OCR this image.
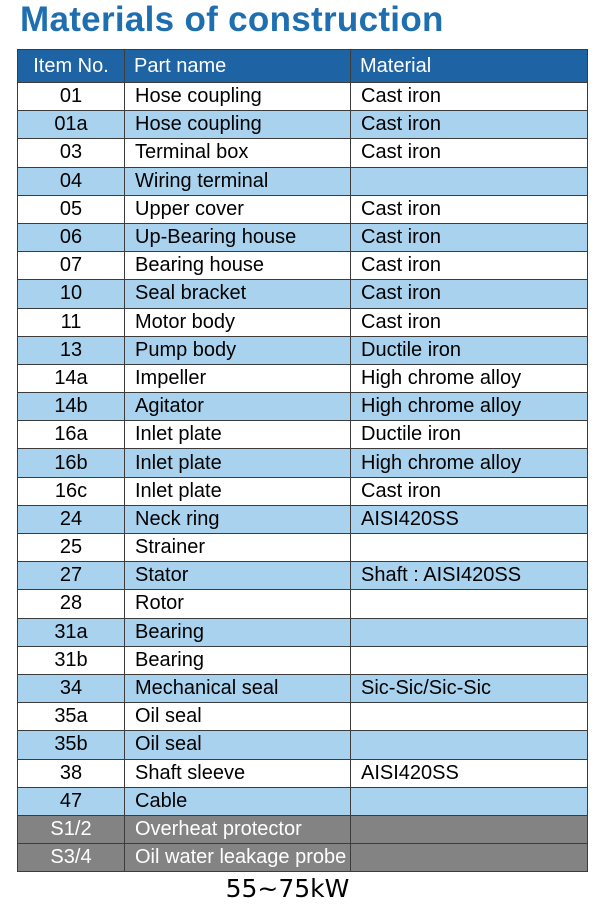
Materials of construction
Item No.	Part name	Material
01	Hose coupling	Cast iron
01a	Hose coupling	Cast iron
03	Terminal box	Cast iron
04	Wiring terminal	
05	Upper cover	Cast iron
06	Up-Bearing house	Cast iron
07	Bearing house	Cast iron
10	Seal bracket	Cast iron
11	Motor body	Cast iron
13	Pump body	Ductile iron
14a	Impeller	High chrome alloy
14b	Agitator	High chrome alloy
16a	Inlet plate	Ductile iron
16b	Inlet plate	High chrome alloy
16c	Inlet plate	Cast iron
24	Neck ring	AISI420SS
25	Strainer	
27	Stator	Shaft : AISI420SS
28	Rotor	
31a	Bearing	
31b	Bearing	
34	Mechanical seal	Sic-Sic/Sic-Sic
35a	Oil seal	
35b	Oil seal	
38	Shaft sleeve	AISI420SS
47	Cable	
S1/2	Overheat protector	
S3/4	Oil water leakage probe	
55~75kW
